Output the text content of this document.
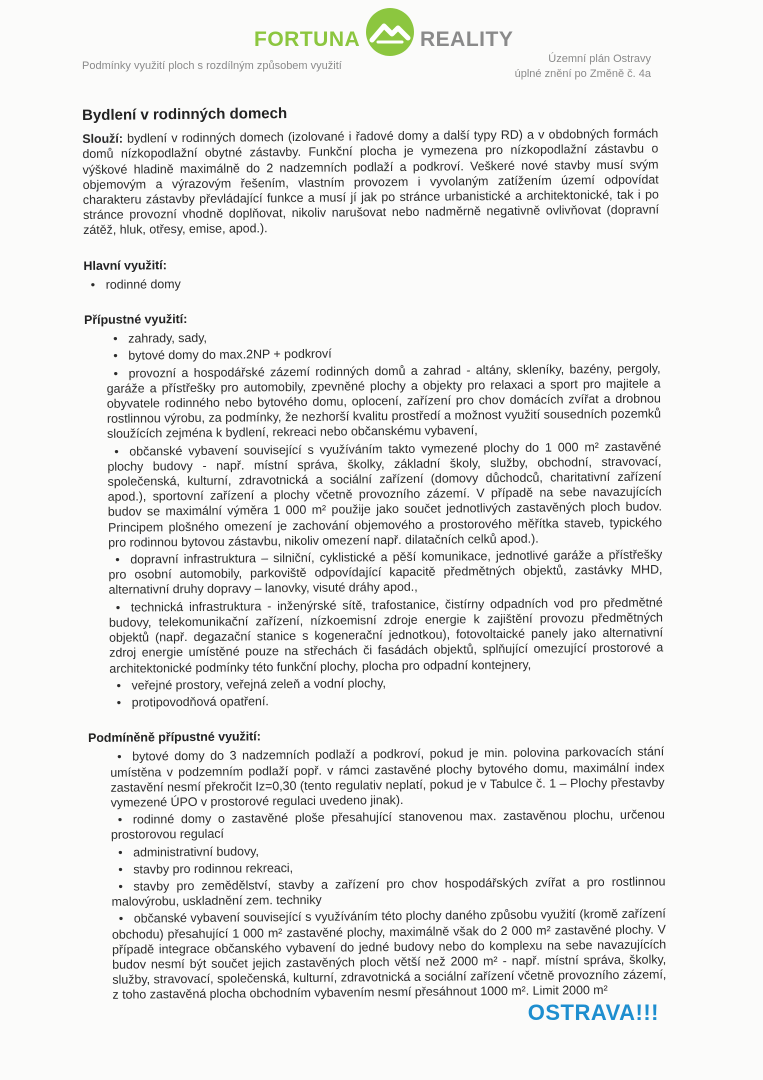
FORTUNA	REALITY
Podmínky využití ploch s rozdílným způsobem využití
Územní plán Ostravy
úplné znění po Změně č. 4a
Bydlení v rodinných domech

Slouží: bydlení v rodinných domech (izolované i řadové domy a další typy RD) a v obdobných formách domů nízkopodlažní obytné zástavby. Funkční plocha je vymezena pro nízkopodlažní zástavbu o výškové hladině maximálně do 2 nadzemních podlaží a podkroví. Veškeré nové stavby musí svým objemovým a výrazovým řešením, vlastním provozem i vyvolaným zatížením území odpovídat charakteru zástavby převládající funkce a musí jí jak po stránce urbanistické a architektonické, tak i po stránce provozní vhodně doplňovat, nikoliv narušovat nebo nadměrně negativně ovlivňovat (dopravní zátěž, hluk, otřesy, emise, apod.).

Hlavní využití:
• rodinné domy
Přípustné využití:
• zahrady, sady,
• bytové domy do max.2NP + podkroví
• provozní a hospodářské zázemí rodinných domů a zahrad - altány, skleníky, bazény, pergoly, garáže a přístřešky pro automobily, zpevněné plochy a objekty pro relaxaci a sport pro majitele a obyvatele rodinného nebo bytového domu, oplocení, zařízení pro chov domácích zvířat a drobnou rostlinnou výrobu, za podmínky, že nezhorší kvalitu prostředí a možnost využití sousedních pozemků sloužících zejména k bydlení, rekreaci nebo občanskému vybavení,
• občanské vybavení související s využíváním takto vymezené plochy do 1 000 m² zastavěné plochy budovy - např. místní správa, školky, základní školy, služby, obchodní, stravovací, společenská, kulturní, zdravotnická a sociální zařízení (domovy důchodců, charitativní zařízení apod.), sportovní zařízení a plochy včetně provozního zázemí. V případě na sebe navazujících budov se maximální výměra 1 000 m² použije jako součet jednotlivých zastavěných ploch budov. Principem plošného omezení je zachování objemového a prostorového měřítka staveb, typického pro rodinnou bytovou zástavbu, nikoliv omezení např. dilatačních celků apod.).
• dopravní infrastruktura – silniční, cyklistické a pěší komunikace, jednotlivé garáže a přístřešky pro osobní automobily, parkoviště odpovídající kapacitě předmětných objektů, zastávky MHD, alternativní druhy dopravy – lanovky, visuté dráhy apod.,
• technická infrastruktura - inženýrské sítě, trafostanice, čistírny odpadních vod pro předmětné budovy, telekomunikační zařízení, nízkoemisní zdroje energie k zajištění provozu předmětných objektů (např. degazační stanice s kogenerační jednotkou), fotovoltaické panely jako alternativní zdroj energie umístěné pouze na střechách či fasádách objektů, splňující omezující prostorové a architektonické podmínky této funkční plochy, plocha pro odpadní kontejnery,
• veřejné prostory, veřejná zeleň a vodní plochy,
• protipovodňová opatření.
Podmíněně přípustné využití:
• bytové domy do 3 nadzemních podlaží a podkroví, pokud je min. polovina parkovacích stání umístěna v podzemním podlaží popř. v rámci zastavěné plochy bytového domu, maximální index zastavění nesmí překročit Iz=0,30 (tento regulativ neplatí, pokud je v Tabulce č. 1 – Plochy přestavby vymezené ÚPO v prostorové regulaci uvedeno jinak).
• rodinné domy o zastavěné ploše přesahující stanovenou max. zastavěnou plochu, určenou prostorovou regulací
• administrativní budovy,
• stavby pro rodinnou rekreaci,
• stavby pro zemědělství, stavby a zařízení pro chov hospodářských zvířat a pro rostlinnou malovýrobu, uskladnění zem. techniky
• občanské vybavení související s využíváním této plochy daného způsobu využití (kromě zařízení obchodu) přesahující 1 000 m² zastavěné plochy, maximálně však do 2 000 m² zastavěné plochy. V případě integrace občanského vybavení do jedné budovy nebo do komplexu na sebe navazujících budov nesmí být součet jejich zastavěných ploch větší než 2000 m² - např. místní správa, školky, služby, stravovací, společenská, kulturní, zdravotnická a sociální zařízení včetně provozního zázemí, z toho zastavěná plocha obchodním vybavením nesmí přesáhnout 1000 m². Limit 2000 m²
OSTRAVA!!!
